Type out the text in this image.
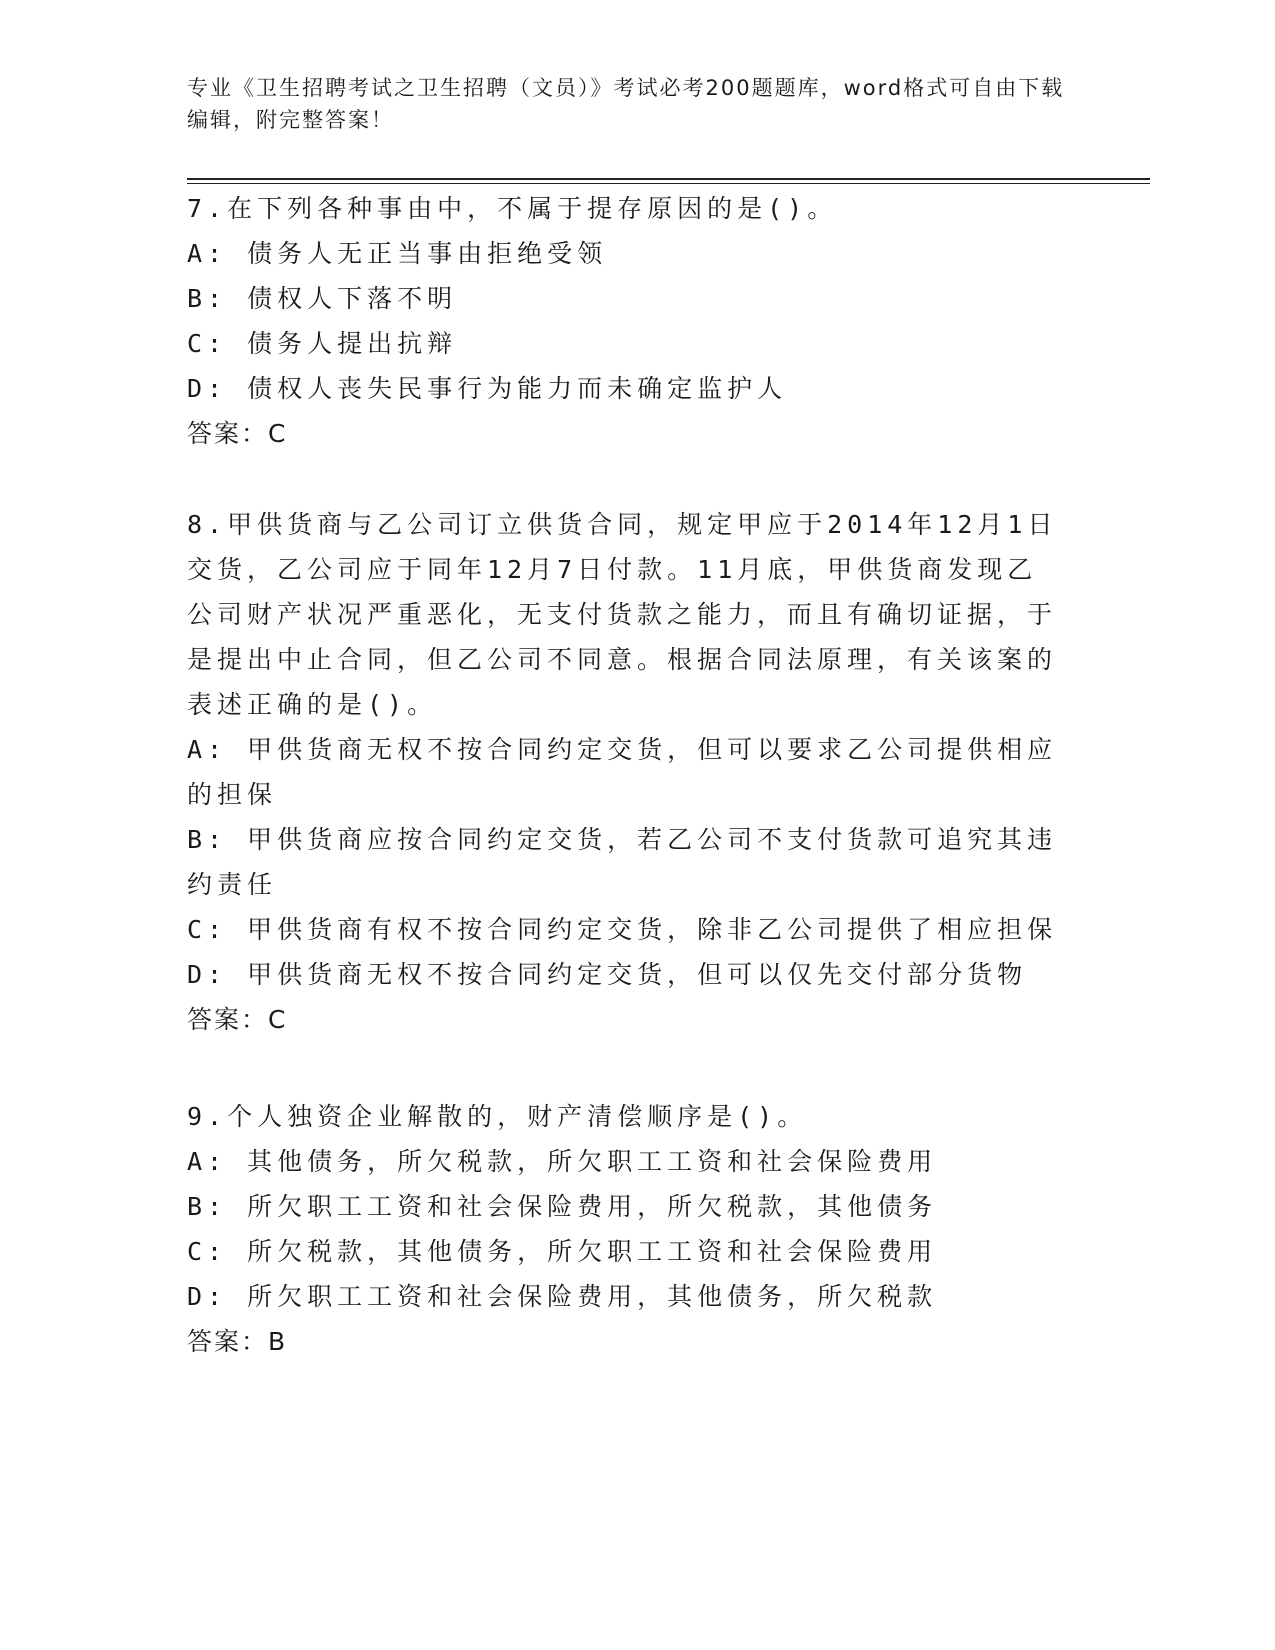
专业《卫生招聘考试之卫生招聘（文员）》考试必考200题题库，word格式可自由下载编辑，附完整答案！
7.在下列各种事由中，不属于提存原因的是()。
A: 债务人无正当事由拒绝受领
B: 债权人下落不明
C: 债务人提出抗辩
D: 债权人丧失民事行为能力而未确定监护人
答案：C
8.甲供货商与乙公司订立供货合同，规定甲应于2014年12月1日交货，乙公司应于同年12月7日付款。11月底，甲供货商发现乙公司财产状况严重恶化，无支付货款之能力，而且有确切证据，于是提出中止合同，但乙公司不同意。根据合同法原理，有关该案的表述正确的是()。
A: 甲供货商无权不按合同约定交货，但可以要求乙公司提供相应的担保
B: 甲供货商应按合同约定交货，若乙公司不支付货款可追究其违约责任
C: 甲供货商有权不按合同约定交货，除非乙公司提供了相应担保
D: 甲供货商无权不按合同约定交货，但可以仅先交付部分货物
答案：C
9.个人独资企业解散的，财产清偿顺序是()。
A: 其他债务，所欠税款，所欠职工工资和社会保险费用
B: 所欠职工工资和社会保险费用，所欠税款，其他债务
C: 所欠税款，其他债务，所欠职工工资和社会保险费用
D: 所欠职工工资和社会保险费用，其他债务，所欠税款
答案：B
